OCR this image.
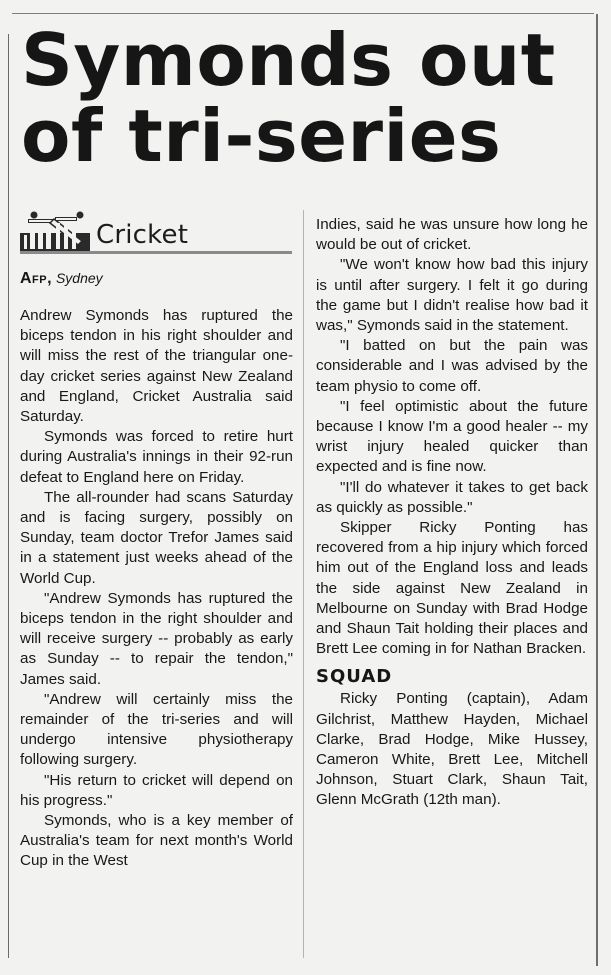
Symonds out of tri-series
Cricket
Afp, Sydney

Andrew Symonds has ruptured the biceps tendon in his right shoulder and will miss the rest of the triangular one-day cricket series against New Zealand and England, Cricket Australia said Saturday.

Symonds was forced to retire hurt during Australia's innings in their 92-run defeat to England here on Friday.

The all-rounder had scans Saturday and is facing surgery, possibly on Sunday, team doctor Trefor James said in a statement just weeks ahead of the World Cup.

"Andrew Symonds has ruptured the biceps tendon in the right shoulder and will receive surgery -- probably as early as Sunday -- to repair the tendon," James said.

"Andrew will certainly miss the remainder of the tri-series and will undergo intensive physiotherapy following surgery.

"His return to cricket will depend on his progress."

Symonds, who is a key member of Australia's team for next month's World Cup in the West

Indies, said he was unsure how long he would be out of cricket.

"We won't know how bad this injury is until after surgery. I felt it go during the game but I didn't realise how bad it was," Symonds said in the statement.

"I batted on but the pain was considerable and I was advised by the team physio to come off.

"I feel optimistic about the future because I know I'm a good healer -- my wrist injury healed quicker than expected and is fine now.

"I'll do whatever it takes to get back as quickly as possible."

Skipper Ricky Ponting has recovered from a hip injury which forced him out of the England loss and leads the side against New Zealand in Melbourne on Sunday with Brad Hodge and Shaun Tait holding their places and Brett Lee coming in for Nathan Bracken.

SQUAD

Ricky Ponting (captain), Adam Gilchrist, Matthew Hayden, Michael Clarke, Brad Hodge, Mike Hussey, Cameron White, Brett Lee, Mitchell Johnson, Stuart Clark, Shaun Tait, Glenn McGrath (12th man).
